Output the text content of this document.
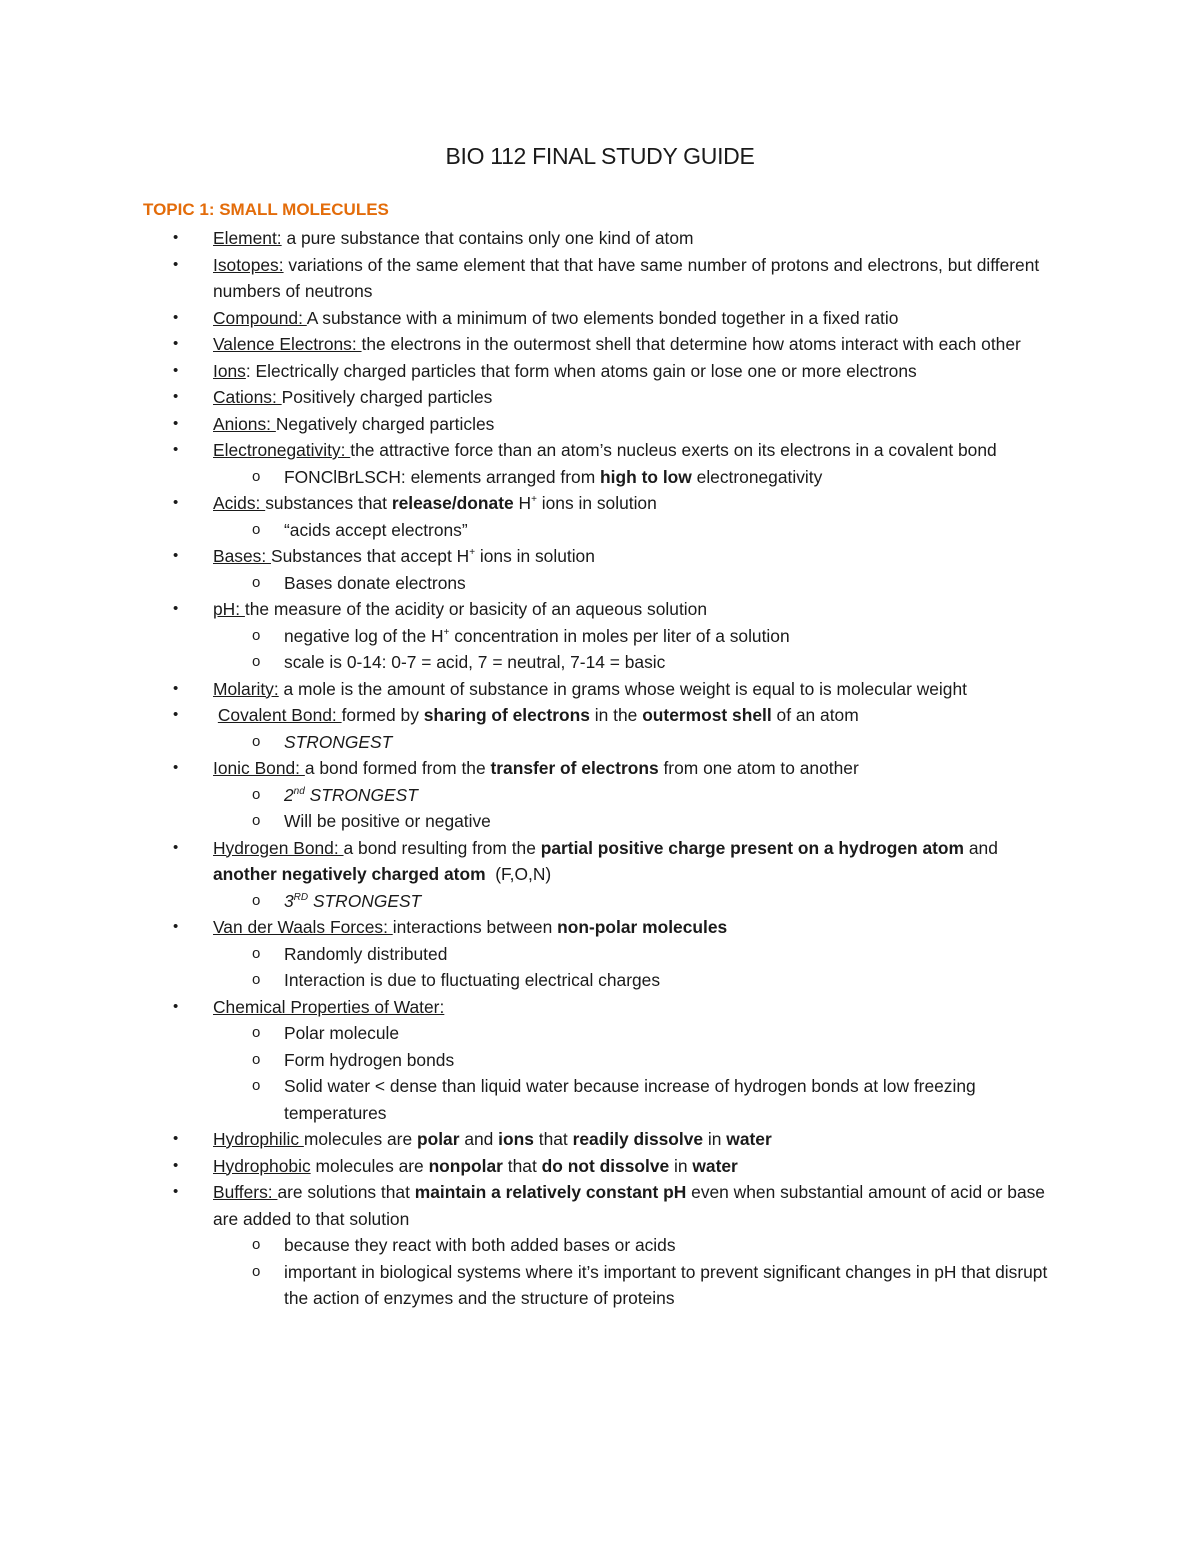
BIO 112 FINAL STUDY GUIDE
TOPIC 1: SMALL MOLECULES
• Element: a pure substance that contains only one kind of atom
• Isotopes: variations of the same element that that have same number of protons and electrons, but different numbers of neutrons
• Compound: A substance with a minimum of two elements bonded together in a fixed ratio
• Valence Electrons: the electrons in the outermost shell that determine how atoms interact with each other
• Ions: Electrically charged particles that form when atoms gain or lose one or more electrons
• Cations: Positively charged particles
• Anions: Negatively charged particles
• Electronegativity: the attractive force than an atom’s nucleus exerts on its electrons in a covalent bond
o FONClBrLSCH: elements arranged from high to low electronegativity
• Acids: substances that release/donate H+ ions in solution
o “acids accept electrons”
• Bases: Substances that accept H+ ions in solution
o Bases donate electrons
• pH: the measure of the acidity or basicity of an aqueous solution
o negative log of the H+ concentration in moles per liter of a solution
o scale is 0-14: 0-7 = acid, 7 = neutral, 7-14 = basic
• Molarity: a mole is the amount of substance in grams whose weight is equal to is molecular weight
• Covalent Bond: formed by sharing of electrons in the outermost shell of an atom
o STRONGEST
• Ionic Bond: a bond formed from the transfer of electrons from one atom to another
o 2nd STRONGEST
o Will be positive or negative
• Hydrogen Bond: a bond resulting from the partial positive charge present on a hydrogen atom and another negatively charged atom  (F,O,N)
o 3RD STRONGEST
• Van der Waals Forces: interactions between non-polar molecules
o Randomly distributed
o Interaction is due to fluctuating electrical charges
• Chemical Properties of Water:
o Polar molecule
o Form hydrogen bonds
o Solid water < dense than liquid water because increase of hydrogen bonds at low freezing temperatures
• Hydrophilic molecules are polar and ions that readily dissolve in water
• Hydrophobic molecules are nonpolar that do not dissolve in water
• Buffers: are solutions that maintain a relatively constant pH even when substantial amount of acid or base are added to that solution
o because they react with both added bases or acids
o important in biological systems where it’s important to prevent significant changes in pH that disrupt the action of enzymes and the structure of proteins
